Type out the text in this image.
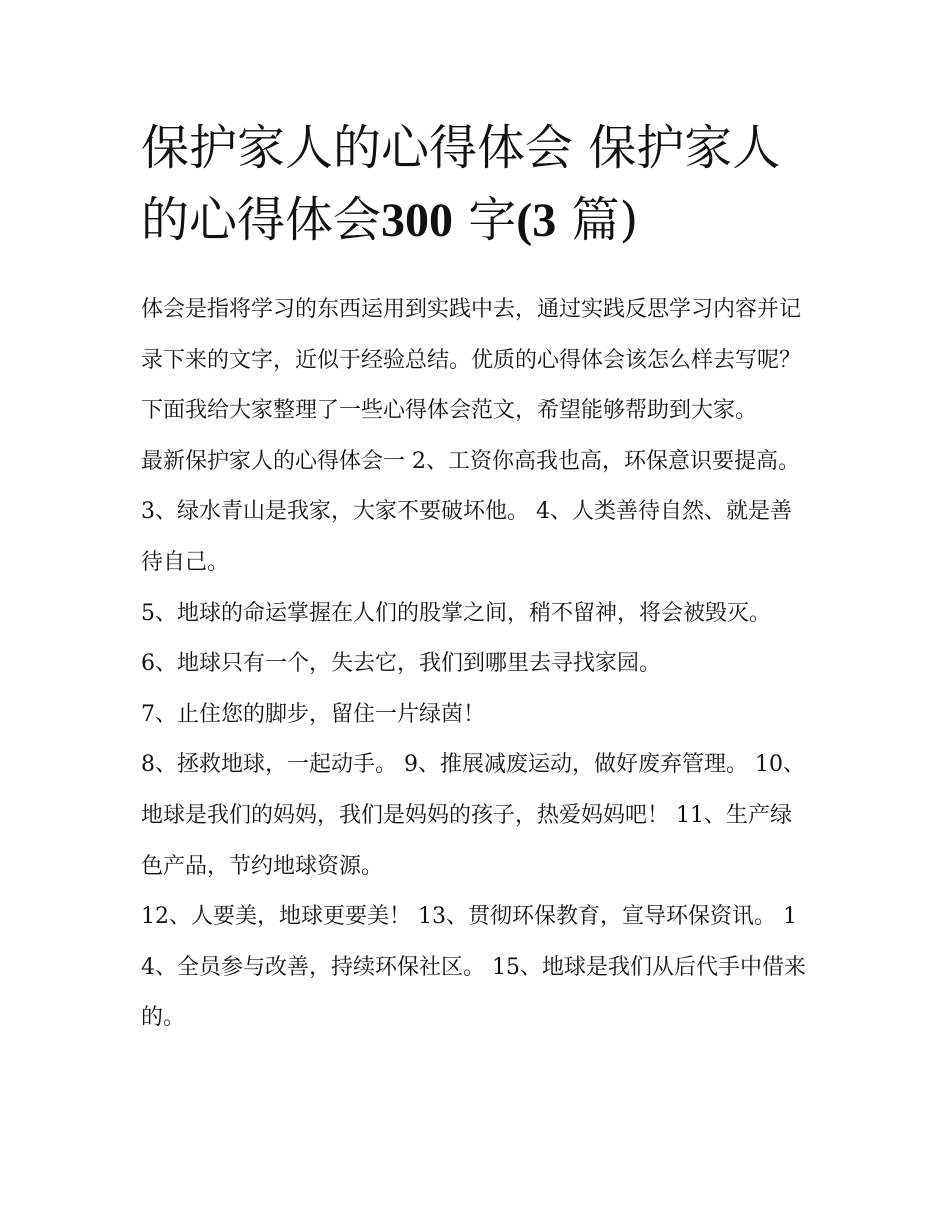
保护家人的心得体会 保护家人的心得体会300 字(3 篇)

体会是指将学习的东西运用到实践中去，通过实践反思学习内容并记录下来的文字，近似于经验总结。优质的心得体会该怎么样去写呢？下面我给大家整理了一些心得体会范文，希望能够帮助到大家。

最新保护家人的心得体会一 2、工资你高我也高，环保意识要提高。 3、绿水青山是我家，大家不要破坏他。 4、人类善待自然、就是善待自己。

5、地球的命运掌握在人们的股掌之间，稍不留神，将会被毁灭。 6、地球只有一个，失去它，我们到哪里去寻找家园。

7、止住您的脚步，留住一片绿茵！

8、拯救地球，一起动手。 9、推展减废运动，做好废弃管理。 10、地球是我们的妈妈，我们是妈妈的孩子，热爱妈妈吧！ 11、生产绿色产品，节约地球资源。

12、人要美，地球更要美！ 13、贯彻环保教育，宣导环保资讯。 14、全员参与改善，持续环保社区。 15、地球是我们从后代手中借来的。
